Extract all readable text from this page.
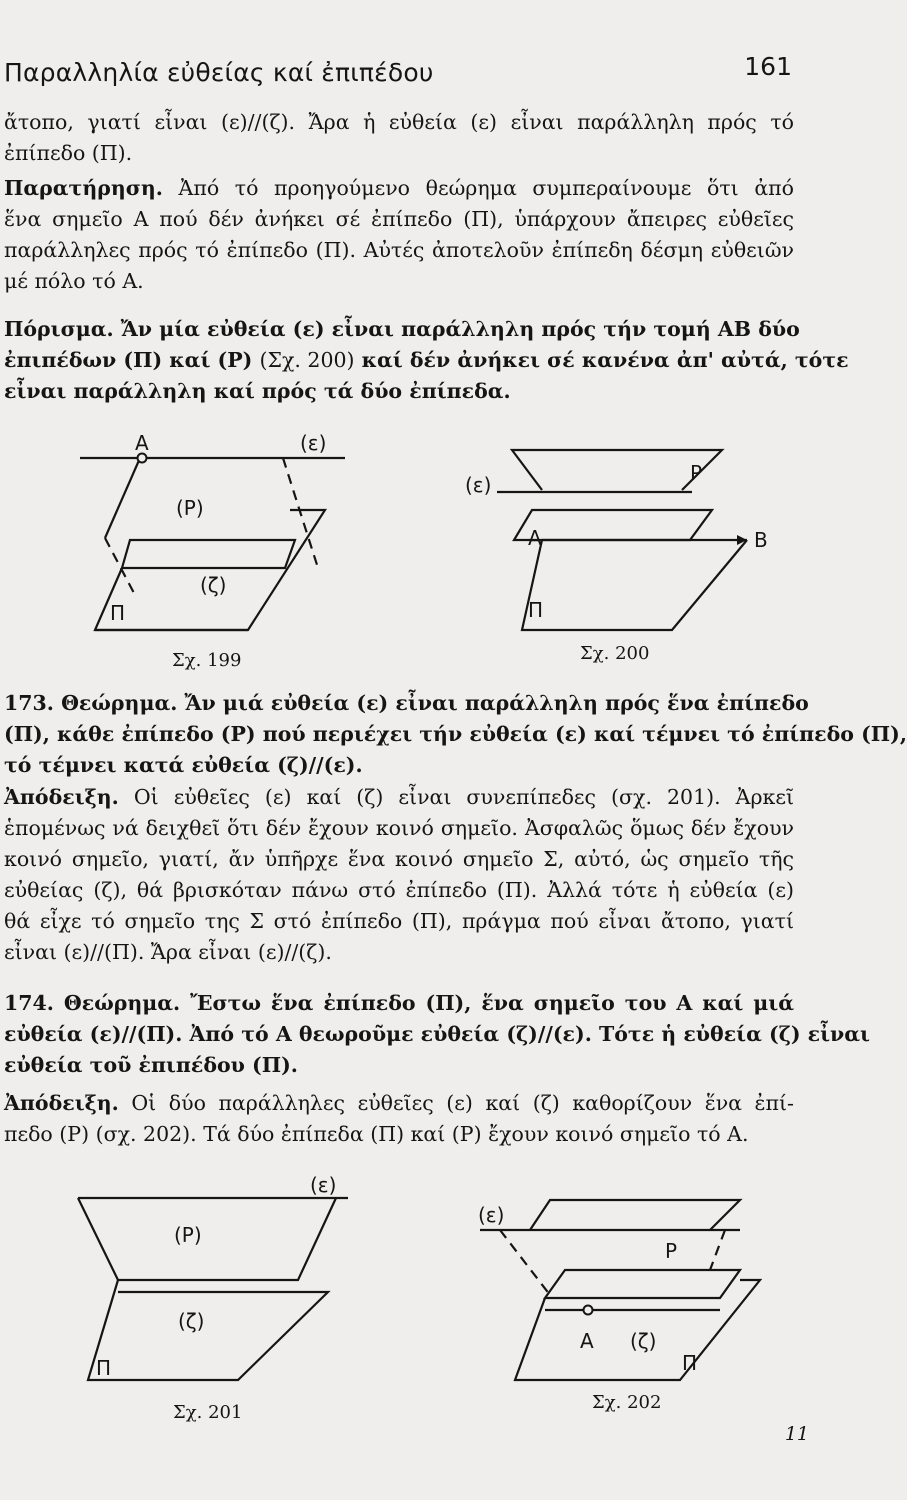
Παραλληλία εὐθείας καί ἐπιπέδου	161
ἄτοπο, γιατί εἶναι (ε)//(ζ). Ἄρα ἡ εὐθεία (ε) εἶναι παράλληλη πρός τό
ἐπίπεδο (Π).
Παρατήρηση. Ἀπό τό προηγούμενο θεώρημα συμπεραίνουμε ὅτι ἀπό
ἕνα σημεῖο Α πού δέν ἀνήκει σέ ἐπίπεδο (Π), ὑπάρχουν ἄπειρες εὐθεῖες
παράλληλες πρός τό ἐπίπεδο (Π). Αὐτές ἀποτελοῦν ἐπίπεδη δέσμη εὐθειῶν
μέ πόλο τό Α.
Πόρισμα. Ἄν μία εὐθεία (ε) εἶναι παράλληλη πρός τήν τομή ΑΒ δύο
ἐπιπέδων (Π) καί (Ρ) (Σχ. 200) καί δέν ἀνήκει σέ κανένα ἀπ' αὐτά, τότε
εἶναι παράλληλη καί πρός τά δύο ἐπίπεδα.
Α	(ε)
(Ρ)
(ζ)
Π
Σχ. 199
(ε)	Ρ
Α	Β
Π
Σχ. 200
173. Θεώρημα. Ἄν μιά εὐθεία (ε) εἶναι παράλληλη πρός ἕνα ἐπίπεδο
(Π), κάθε ἐπίπεδο (Ρ) πού περιέχει τήν εὐθεία (ε) καί τέμνει τό ἐπίπεδο (Π),
τό τέμνει κατά εὐθεία (ζ)//(ε).
Ἀπόδειξη. Οἱ εὐθεῖες (ε) καί (ζ) εἶναι συνεπίπεδες (σχ. 201). Ἀρκεῖ
ἑπομένως νά δειχθεῖ ὅτι δέν ἔχουν κοινό σημεῖο. Ἀσφαλῶς ὅμως δέν ἔχουν
κοινό σημεῖο, γιατί, ἄν ὑπῆρχε ἕνα κοινό σημεῖο Σ, αὐτό, ὡς σημεῖο τῆς
εὐθείας (ζ), θά βρισκόταν πάνω στό ἐπίπεδο (Π). Ἀλλά τότε ἡ εὐθεία (ε)
θά εἶχε τό σημεῖο της Σ στό ἐπίπεδο (Π), πράγμα πού εἶναι ἄτοπο, γιατί
εἶναι (ε)//(Π). Ἄρα εἶναι (ε)//(ζ).
174. Θεώρημα. Ἔστω ἕνα ἐπίπεδο (Π), ἕνα σημεῖο του Α καί μιά
εὐθεία (ε)//(Π). Ἀπό τό Α θεωροῦμε εὐθεία (ζ)//(ε). Τότε ἡ εὐθεία (ζ) εἶναι
εὐθεία τοῦ ἐπιπέδου (Π).
Ἀπόδειξη. Οἱ δύο παράλληλες εὐθεῖες (ε) καί (ζ) καθορίζουν ἕνα ἐπί-
πεδο (Ρ) (σχ. 202). Τά δύο ἐπίπεδα (Π) καί (Ρ) ἔχουν κοινό σημεῖο τό Α.
(ε)
(Ρ)
(ζ)
Π
Σχ. 201
(ε)
Ρ
Α (ζ)
Π
Σχ. 202
11
